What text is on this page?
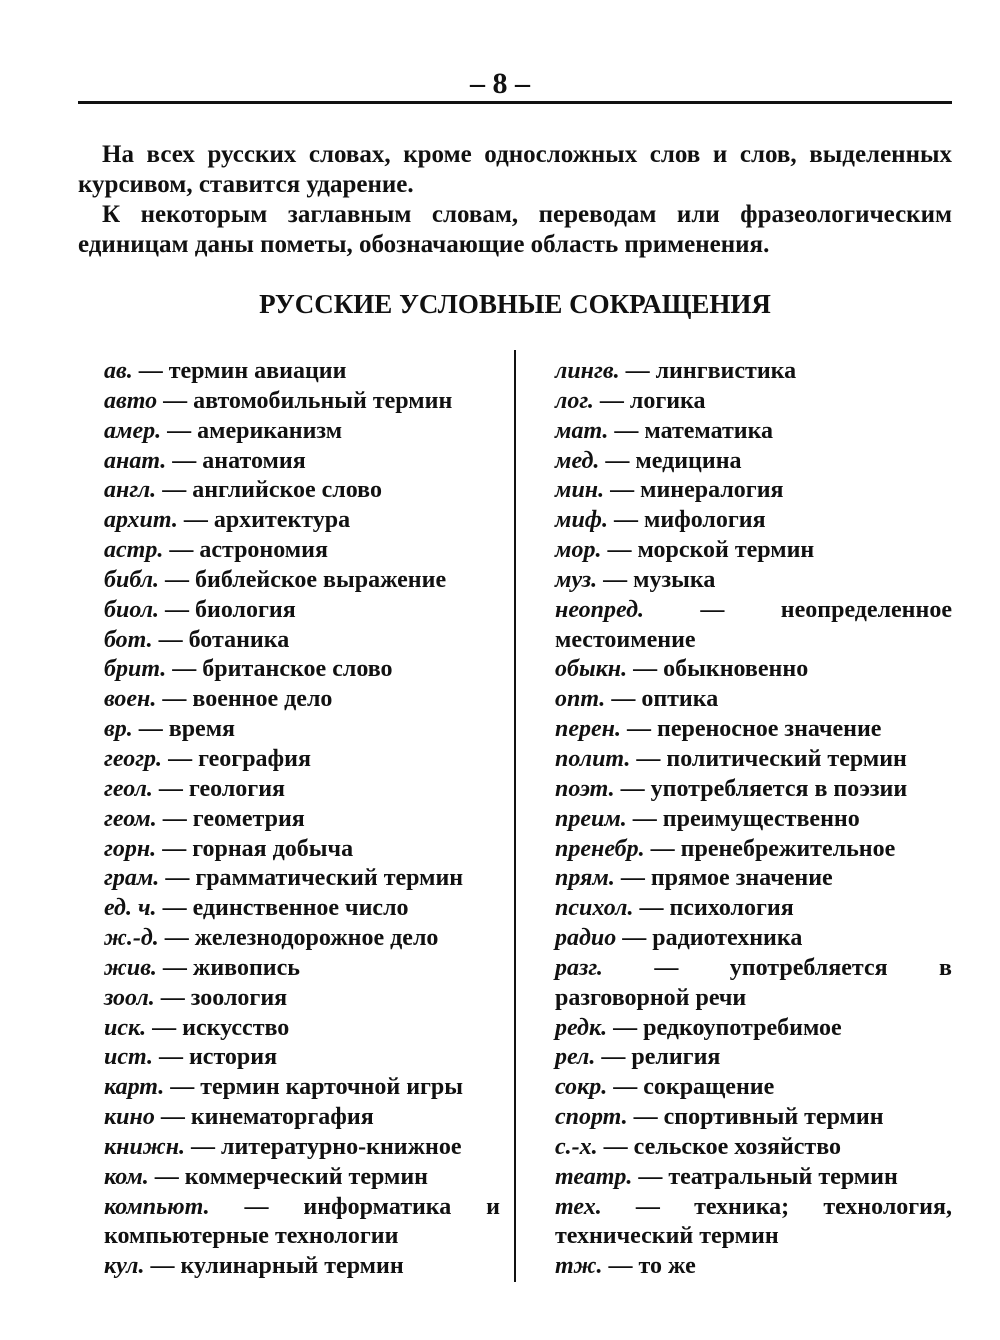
– 8 –

На всех русских словах, кроме односложных слов и слов, выделенных курсивом, ставится ударение.

К некоторым заглавным словам, переводам или фразеологическим единицам даны пометы, обозначающие область применения.

РУССКИЕ УСЛОВНЫЕ СОКРАЩЕНИЯ

ав. — термин авиации

авто — автомобильный термин

амер. — американизм

анат. — анатомия

англ. — английское слово

архит. — архитектура

астр. — астрономия

библ. — библейское выражение

биол. — биология

бот. — ботаника

брит. — британское слово

воен. — военное дело

вр. — время

геогр. — география

геол. — геология

геом. — геометрия

горн. — горная добыча

грам. — грамматический термин

ед. ч. — единственное число

ж.-д. — железнодорожное дело

жив. — живопись

зоол. — зоология

иск. — искусство

ист. — история

карт. — термин карточной игры

кино — кинематоргафия

книжн. — литературно-книжное

ком. — коммерческий термин

компьют. — информатика и компьютерные технологии

кул. — кулинарный термин

лингв. — лингвистика

лог. — логика

мат. — математика

мед. — медицина

мин. — минералогия

миф. — мифология

мор. — морской термин

муз. — музыка

неопред. — неопределенное местоимение

обыкн. — обыкновенно

опт. — оптика

перен. — переносное значение

полит. — политический термин

поэт. — употребляется в поэзии

преим. — преимущественно

пренебр. — пренебрежительное

прям. — прямое значение

психол. — психология

радио — радиотехника

разг. — употребляется в разговорной речи

редк. — редкоупотребимое

рел. — религия

сокр. — сокращение

спорт. — спортивный термин

с.-х. — сельское хозяйство

театр. — театральный термин

тех. — техника; технология, технический термин

тж. — то же
